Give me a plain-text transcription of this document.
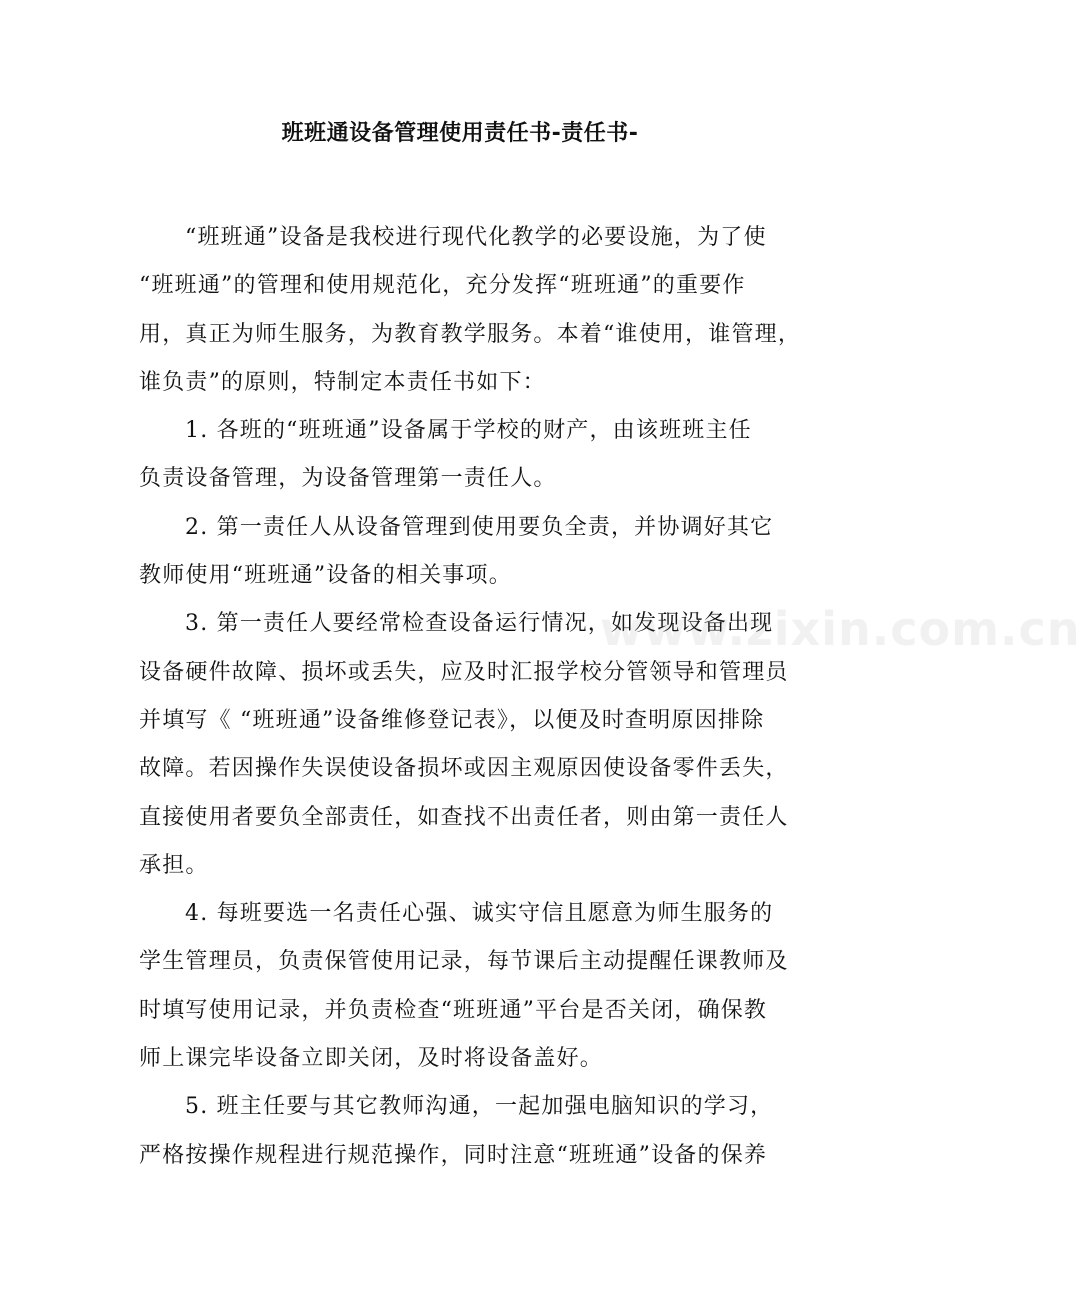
班班通设备管理使用责任书-责任书-
“班班通”设备是我校进行现代化教学的必要设施，为了使
“班班通”的管理和使用规范化，充分发挥“班班通”的重要作
用，真正为师生服务，为教育教学服务。本着“谁使用，谁管理，
谁负责”的原则，特制定本责任书如下：
1. 各班的“班班通”设备属于学校的财产，由该班班主任
负责设备管理，为设备管理第一责任人。
2. 第一责任人从设备管理到使用要负全责，并协调好其它
教师使用“班班通”设备的相关事项。
3. 第一责任人要经常检查设备运行情况，如发现设备出现
设备硬件故障、损坏或丢失，应及时汇报学校分管领导和管理员
并填写《 “班班通”设备维修登记表》，以便及时查明原因排除
故障。若因操作失误使设备损坏或因主观原因使设备零件丢失，
直接使用者要负全部责任，如查找不出责任者，则由第一责任人
承担。
4. 每班要选一名责任心强、诚实守信且愿意为师生服务的
学生管理员，负责保管使用记录，每节课后主动提醒任课教师及
时填写使用记录，并负责检查“班班通”平台是否关闭，确保教
师上课完毕设备立即关闭，及时将设备盖好。
5. 班主任要与其它教师沟通，一起加强电脑知识的学习，
严格按操作规程进行规范操作，同时注意“班班通”设备的保养
www.zixin.com.cn
